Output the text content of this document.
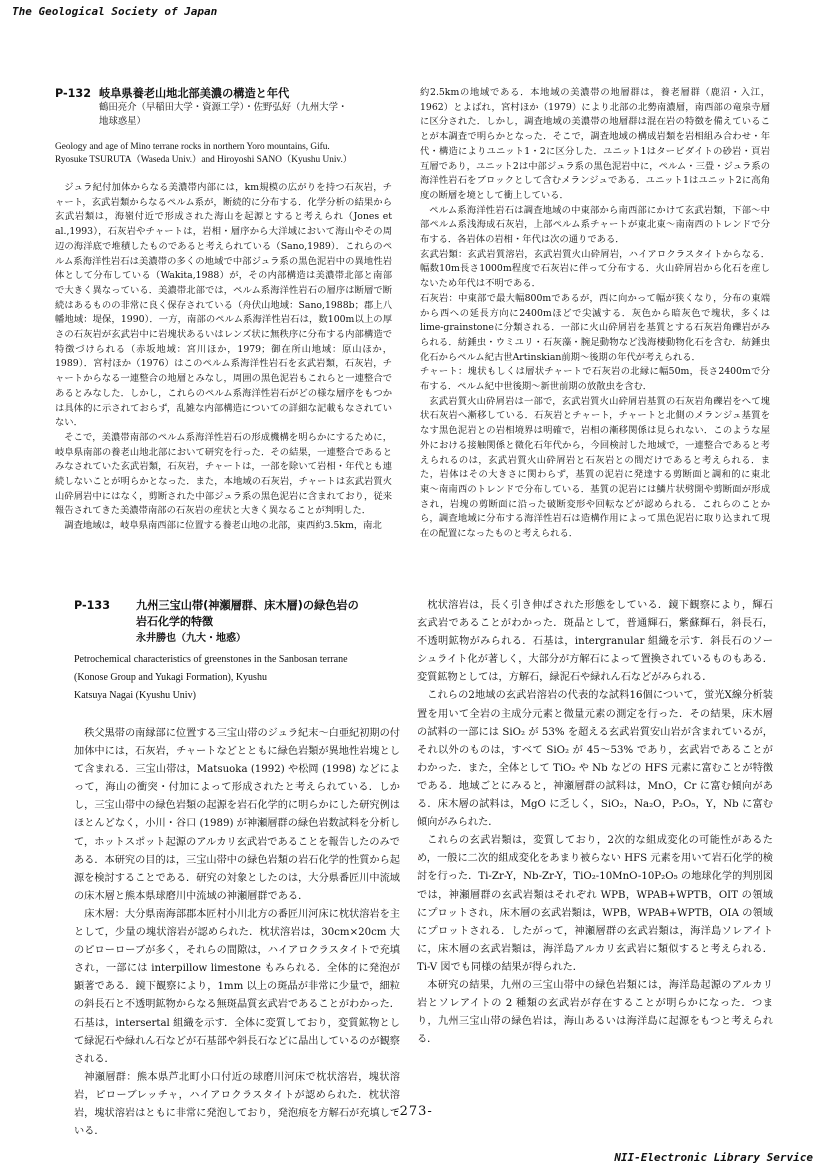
The Geological Society of Japan
P-132 岐阜県養老山地北部美濃の構造と年代
鶴田亮介（早稲田大学・資源工学）・佐野弘好（九州大学・
地球惑星）
Geology and age of Mino terrane rocks in northern Yoro mountains, Gifu.
Ryosuke TSURUTA（Waseda Univ.）and Hiroyoshi SANO（Kyushu Univ.）

ジュラ紀付加体からなる美濃帯内部には，km規模の広がりを持つ石灰岩，チャート，玄武岩類からなるペルム系が，断続的に分布する．化学分析の結果から玄武岩類は，海嶺付近で形成された海山を起源とすると考えられ（Jones et al.,1993），石灰岩やチャートは，岩相・層序から大洋域において海山やその周辺の海洋底で堆積したものであると考えられている（Sano,1989）．これらのペルム系海洋性岩石は美濃帯の多くの地域で中部ジュラ系の黒色泥岩中の異地性岩体として分布している（Wakita,1988）が，その内部構造は美濃帯北部と南部で大きく異なっている．美濃帯北部では，ペルム系海洋性岩石の層序は断層で断続はあるものの非常に良く保存されている（舟伏山地域：Sano,1988b；郡上八幡地域：堤保，1990）．一方，南部のペルム系海洋性岩石は，数100m以上の厚さの石灰岩が玄武岩中に岩塊状あるいはレンズ状に無秩序に分布する内部構造で特徴づけられる（赤坂地域：宮川ほか，1979；御在所山地域：原山ほか，1989）．宮村ほか（1976）はこのペルム系海洋性岩石を玄武岩類，石灰岩，チャートからなる一連整合の地層とみなし，周囲の黒色泥岩もこれらと一連整合であるとみなした．しかし，これらのペルム系海洋性岩石がどの様な層序をもつかは具体的に示されておらず，乱雑な内部構造についての詳細な記載もなされていない．

そこで，美濃帯南部のペルム系海洋性岩石の形成機構を明らかにするために，岐阜県南部の養老山地北部において研究を行った．その結果，一連整合であるとみなされていた玄武岩類，石灰岩，チャートは，一部を除いて岩相・年代とも連続しないことが明らかとなった．また，本地域の石灰岩，チャートは玄武岩質火山砕屑岩中にはなく，剪断された中部ジュラ系の黒色泥岩に含まれており，従来報告されてきた美濃帯南部の石灰岩の産状と大きく異なることが判明した．

調査地域は，岐阜県南西部に位置する養老山地の北部，東西約3.5km，南北

約2.5kmの地域である．本地域の美濃帯の地層群は，養老層群（鹿沼・入江，1962）とよばれ，宮村ほか（1979）により北部の北勢南濃層，南西部の竜泉寺層に区分された．しかし，調査地域の美濃帯の地層群は混在岩の特徴を備えていることが本調査で明らかとなった．そこで，調査地域の構成岩類を岩相組み合わせ・年代・構造によりユニット1・2に区分した．ユニット1はタービダイトの砂岩・頁岩互層であり，ユニット2は中部ジュラ系の黒色泥岩中に，ペルム・三畳・ジュラ系の海洋性岩石をブロックとして含むメランジュである．ユニット1はユニット2に高角度の断層を境として衝上している．

ペルム系海洋性岩石は調査地域の中東部から南西部にかけて玄武岩類，下部〜中部ペルム系浅海成石灰岩，上部ペルム系チャートが東北東〜南南西のトレンドで分布する．各岩体の岩相・年代は次の通りである．

玄武岩類：玄武岩質溶岩，玄武岩質火山砕屑岩，ハイアロクラスタイトからなる．幅数10m長さ1000m程度で石灰岩に伴って分布する．火山砕屑岩から化石を産しないため年代は不明である．

石灰岩：中東部で最大幅800mであるが，西に向かって幅が狭くなり，分布の東端から西への延長方向に2400mほどで尖滅する．灰色から暗灰色で塊状，多くはlime-grainstoneに分類される．一部に火山砕屑岩を基質とする石灰岩角礫岩がみられる．紡錘虫・ウミユリ・石灰藻・腕足動物など浅海棲動物化石を含む．紡錘虫化石からペルム紀古世Artinskian前期〜後期の年代が考えられる．

チャート：塊状もしくは層状チャートで石灰岩の北縁に幅50m，長さ2400mで分布する．ペルム紀中世後期〜新世前期の放散虫を含む．

玄武岩質火山砕屑岩は一部で，玄武岩質火山砕屑岩基質の石灰岩角礫岩をへて塊状石灰岩へ漸移している．石灰岩とチャート，チャートと北側のメランジュ基質をなす黒色泥岩との岩相境界は明確で，岩相の漸移関係は見られない．このような屋外における接触関係と微化石年代から，今回検討した地域で，一連整合であると考えられるのは，玄武岩質火山砕屑岩と石灰岩との間だけであると考えられる．また，岩体はその大きさに関わらず，基質の泥岩に発達する剪断面と調和的に東北東〜南南西のトレンドで分布している．基質の泥岩には鱗片状劈開や剪断面が形成され，岩塊の剪断面に沿った破断変形や回転などが認められる．これらのことから，調査地域に分布する海洋性岩石は造構作用によって黒色泥岩に取り込まれて現在の配置になったものと考えられる．

P-133	九州三宝山帯(神瀬層群、床木層)の緑色岩の
岩石化学的特徴
永井勝也（九大・地惑）
Petrochemical characteristics of greenstones in the Sanbosan terrane
(Konose Group and Yukagi Formation), Kyushu
Katsuya Nagai (Kyushu Univ)

秩父黒帯の南縁部に位置する三宝山帯のジュラ紀末〜白亜紀初期の付加体中には，石灰岩，チャートなどとともに緑色岩類が異地性岩塊として含まれる．三宝山帯は，Matsuoka (1992) や松岡 (1998) などによって，海山の衝突・付加によって形成されたと考えられている．しかし，三宝山帯中の緑色岩類の起源を岩石化学的に明らかにした研究例はほとんどなく，小川・谷口 (1989) が神瀬層群の緑色岩数試料を分析して，ホットスポット起源のアルカリ玄武岩であることを報告したのみである．本研究の目的は，三宝山帯中の緑色岩類の岩石化学的性質から起源を検討することである．研究の対象としたのは，大分県番匠川中流域の床木層と熊本県球磨川中流域の神瀬層群である．

床木層：大分県南海部郡本匠村小川北方の番匠川河床に枕状溶岩を主として，少量の塊状溶岩が認められた．枕状溶岩は，30cm×20cm 大のピローローブが多く，それらの間隙は，ハイアロクラスタイトで充填され，一部には interpillow limestone もみられる．全体的に発泡が顕著である．鏡下観察により，1mm 以上の斑晶が非常に少量で，細粒の斜長石と不透明鉱物からなる無斑晶質玄武岩であることがわかった．石基は，intersertal 組織を示す．全体に変質しており，変質鉱物として緑泥石や緑れん石などが石基部や斜長石などに晶出しているのが観察される．

神瀬層群：熊本県芦北町小口付近の球磨川河床で枕状溶岩，塊状溶岩，ピローブレッチャ，ハイアロクラスタイトが認められた．枕状溶岩，塊状溶岩はともに非常に発泡しており，発泡痕を方解石が充填している．

枕状溶岩は，長く引き伸ばされた形態をしている．鏡下観察により，輝石玄武岩であることがわかった．斑晶として，普通輝石，紫蘇輝石，斜長石，不透明鉱物がみられる．石基は，intergranular 組織を示す．斜長石のソーシュライト化が著しく，大部分が方解石によって置換されているものもある．変質鉱物としては，方解石，緑泥石や緑れん石などがみられる．

これらの2地域の玄武岩溶岩の代表的な試料16個について，蛍光X線分析装置を用いて全岩の主成分元素と微量元素の測定を行った．その結果，床木層の試料の一部には SiO₂ が 53% を超える玄武岩質安山岩が含まれているが，それ以外のものは，すべて SiO₂ が 45〜53% であり，玄武岩であることがわかった．また，全体として TiO₂ や Nb などの HFS 元素に富むことが特徴である．地域ごとにみると，神瀬層群の試料は，MnO，Cr に富む傾向がある．床木層の試料は，MgO に乏しく，SiO₂，Na₂O，P₂O₅，Y，Nb に富む傾向がみられた．

これらの玄武岩類は，変質しており，2次的な組成変化の可能性があるため，一般に二次的組成変化をあまり被らない HFS 元素を用いて岩石化学的検討を行った．Ti-Zr-Y，Nb-Zr-Y，TiO₂-10MnO-10P₂O₅ の地球化学的判別図では，神瀬層群の玄武岩類はそれぞれ WPB，WPAB+WPTB，OIT の領域にプロットされ，床木層の玄武岩類は，WPB，WPAB+WPTB，OIA の領域にプロットされる．したがって，神瀬層群の玄武岩類は，海洋島ソレアイトに，床木層の玄武岩類は，海洋島アルカリ玄武岩に類似すると考えられる．Ti-V 図でも同様の結果が得られた．

本研究の結果，九州の三宝山帯中の緑色岩類には，海洋島起源のアルカリ岩とソレアイトの 2 種類の玄武岩が存在することが明らかになった．つまり，九州三宝山帯の緑色岩は，海山あるいは海洋島に起源をもつと考えられる．

-273-
NII-Electronic Library Service
